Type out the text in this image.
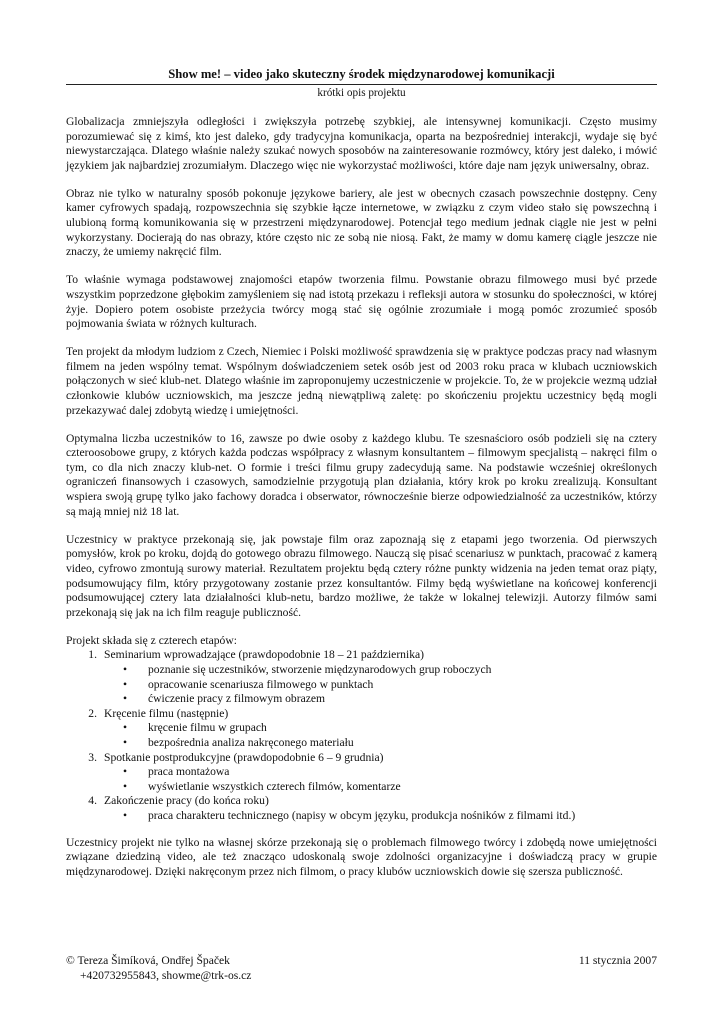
Show me! – video jako skuteczny środek międzynarodowej komunikacji
krótki opis projektu

Globalizacja zmniejszyła odległości i zwiększyła potrzebę szybkiej, ale intensywnej komunikacji. Często musimy porozumiewać się z kimś, kto jest daleko, gdy tradycyjna komunikacja, oparta na bezpośredniej interakcji, wydaje się być niewystarczająca. Dlatego właśnie należy szukać nowych sposobów na zainteresowanie rozmówcy, który jest daleko, i mówić językiem jak najbardziej zrozumiałym. Dlaczego więc nie wykorzystać możliwości, które daje nam język uniwersalny, obraz.

Obraz nie tylko w naturalny sposób pokonuje językowe bariery, ale jest w obecnych czasach powszechnie dostępny. Ceny kamer cyfrowych spadają, rozpowszechnia się szybkie łącze internetowe, w związku z czym video stało się powszechną i ulubioną formą komunikowania się w przestrzeni międzynarodowej. Potencjał tego medium jednak ciągle nie jest w pełni wykorzystany. Docierają do nas obrazy, które często nic ze sobą nie niosą. Fakt, że mamy w domu kamerę ciągle jeszcze nie znaczy, że umiemy nakręcić film.

To właśnie wymaga podstawowej znajomości etapów tworzenia filmu. Powstanie obrazu filmowego musi być przede wszystkim poprzedzone głębokim zamyśleniem się nad istotą przekazu i refleksji autora w stosunku do społeczności, w której żyje. Dopiero potem osobiste przeżycia twórcy mogą stać się ogólnie zrozumiałe i mogą pomóc zrozumieć sposób pojmowania świata w różnych kulturach.

Ten projekt da młodym ludziom z Czech, Niemiec i Polski możliwość sprawdzenia się w praktyce podczas pracy nad własnym filmem na jeden wspólny temat. Wspólnym doświadczeniem setek osób jest od 2003 roku praca w klubach uczniowskich połączonych w sieć klub-net. Dlatego właśnie im zaproponujemy uczestniczenie w projekcie. To, że w projekcie wezmą udział członkowie klubów uczniowskich, ma jeszcze jedną niewątpliwą zaletę: po skończeniu projektu uczestnicy będą mogli przekazywać dalej zdobytą wiedzę i umiejętności.

Optymalna liczba uczestników to 16, zawsze po dwie osoby z każdego klubu. Te szesnaścioro osób podzieli się na cztery czteroosobowe grupy, z których każda podczas współpracy z własnym konsultantem – filmowym specjalistą – nakręci film o tym, co dla nich znaczy klub-net. O formie i treści filmu grupy zadecydują same. Na podstawie wcześniej określonych ograniczeń finansowych i czasowych, samodzielnie przygotują plan działania, który krok po kroku zrealizują. Konsultant wspiera swoją grupę tylko jako fachowy doradca i obserwator, równocześnie bierze odpowiedzialność za uczestników, którzy są mają mniej niż 18 lat.

Uczestnicy w praktyce przekonają się, jak powstaje film oraz zapoznają się z etapami jego tworzenia. Od pierwszych pomysłów, krok po kroku, dojdą do gotowego obrazu filmowego. Nauczą się pisać scenariusz w punktach, pracować z kamerą video, cyfrowo zmontują surowy materiał. Rezultatem projektu będą cztery różne punkty widzenia na jeden temat oraz piąty, podsumowujący film, który przygotowany zostanie przez konsultantów. Filmy będą wyświetlane na końcowej konferencji podsumowującej cztery lata działalności klub-netu, bardzo możliwe, że także w lokalnej telewizji. Autorzy filmów sami przekonają się jak na ich film reaguje publiczność.

Projekt składa się z czterech etapów:

1. Seminarium wprowadzające (prawdopodobnie 18 – 21 października)
•	poznanie się uczestników, stworzenie międzynarodowych grup roboczych
•	opracowanie scenariusza filmowego w punktach
•	ćwiczenie pracy z filmowym obrazem
2. Kręcenie filmu (następnie)
•	kręcenie filmu w grupach
•	bezpośrednia analiza nakręconego materiału
3. Spotkanie postprodukcyjne (prawdopodobnie 6 – 9 grudnia)
•	praca montażowa
•	wyświetlanie wszystkich czterech filmów, komentarze
4. Zakończenie pracy (do końca roku)
•	praca charakteru technicznego (napisy w obcym języku, produkcja nośników z filmami itd.)

Uczestnicy projekt nie tylko na własnej skórze przekonają się o problemach filmowego twórcy i zdobędą nowe umiejętności związane dziedziną video, ale też znacząco udoskonalą swoje zdolności organizacyjne i doświadczą pracy w grupie międzynarodowej. Dzięki nakręconym przez nich filmom, o pracy klubów uczniowskich dowie się szersza publiczność.

© Tereza Šimíková, Ondřej Špaček
+420732955843, showme@trk-os.cz
11 stycznia 2007
